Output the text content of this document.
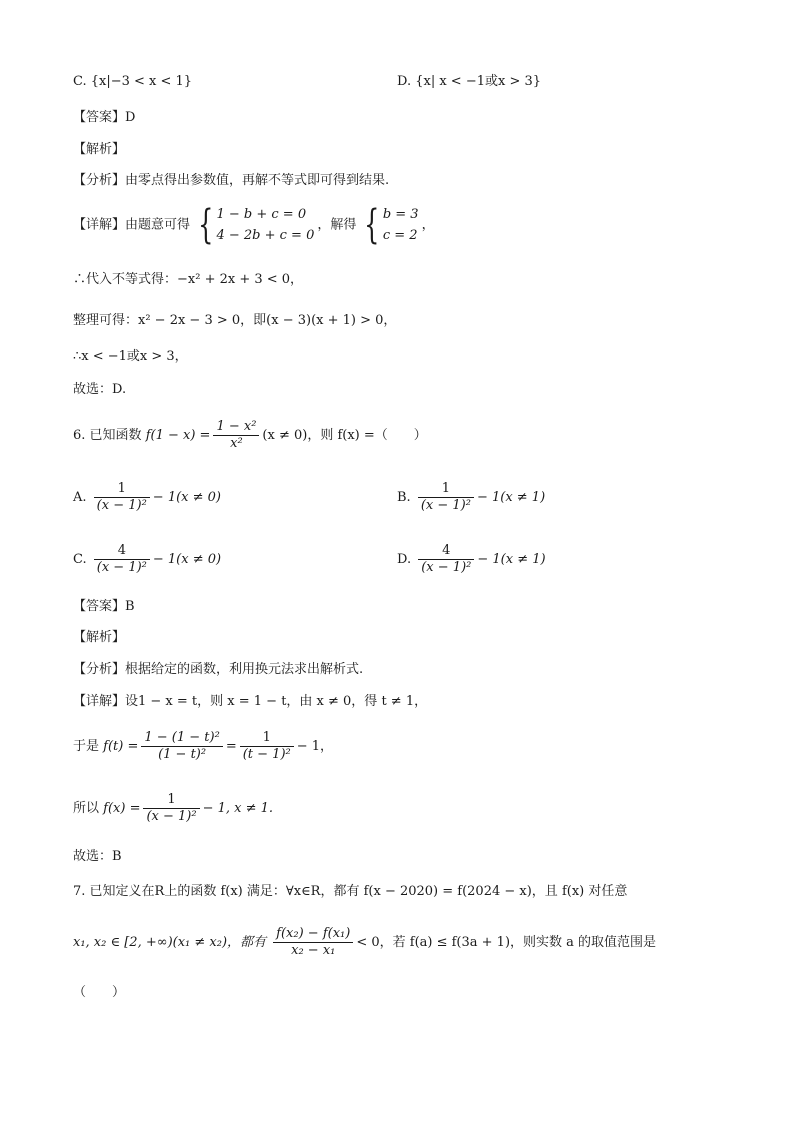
C. {x|−3 < x < 1}	D. {x| x < −1或x > 3}
【答案】D
【解析】
【分析】由零点得出参数值，再解不等式即可得到结果.
【详解】由题意可得 { 1 − b + c = 0
4 − 2b + c = 0
，解得 { b = 3
c = 2
，
∴代入不等式得：−x² + 2x + 3 < 0，
整理可得：x² − 2x − 3 > 0，即(x − 3)(x + 1) > 0，
∴x < −1或x > 3，
故选：D.
6. 已知函数 $f(1 - x) = \frac{\text{1 − x²}}{\text{x²}} (x \ne 0)$，则 f(x) =（　　）
A. $\frac{1}{\text{(x − 1)²}} - 1(x \ne 0)$	B. $\frac{1}{\text{(x − 1)²}} - 1(x \ne 1)$
C. $\frac{4}{\text{(x − 1)²}} - 1(x \ne 0)$	D. $\frac{4}{\text{(x − 1)²}} - 1(x \ne 1)$
【答案】B
【解析】
【分析】根据给定的函数，利用换元法求出解析式.
【详解】设1 − x = t，则 x = 1 − t，由 x ≠ 0，得 t ≠ 1，
于是 $f(t) = \frac{\text{1 − (1 − t)²}}{\text{(1 − t)²}} = \frac{1}{\text{(t − 1)²}} - 1$，
所以 $f(x) = \frac{1}{\text{(x − 1)²}} - 1$, x ≠ 1.
故选：B
7. 已知定义在R上的函数 f(x) 满足：∀x∈R，都有 f(x − 2020) = f(2024 − x)，且 f(x) 对任意
x₁, x₂ ∈ [2, +∞)(x₁ ≠ x₂)，都有 $\frac{\text{f(x₂) − f(x₁)}}{\text{x₂ − x₁}} < 0$，若 f(a) ≤ f(3a + 1)，则实数 a 的取值范围是
（　　）
